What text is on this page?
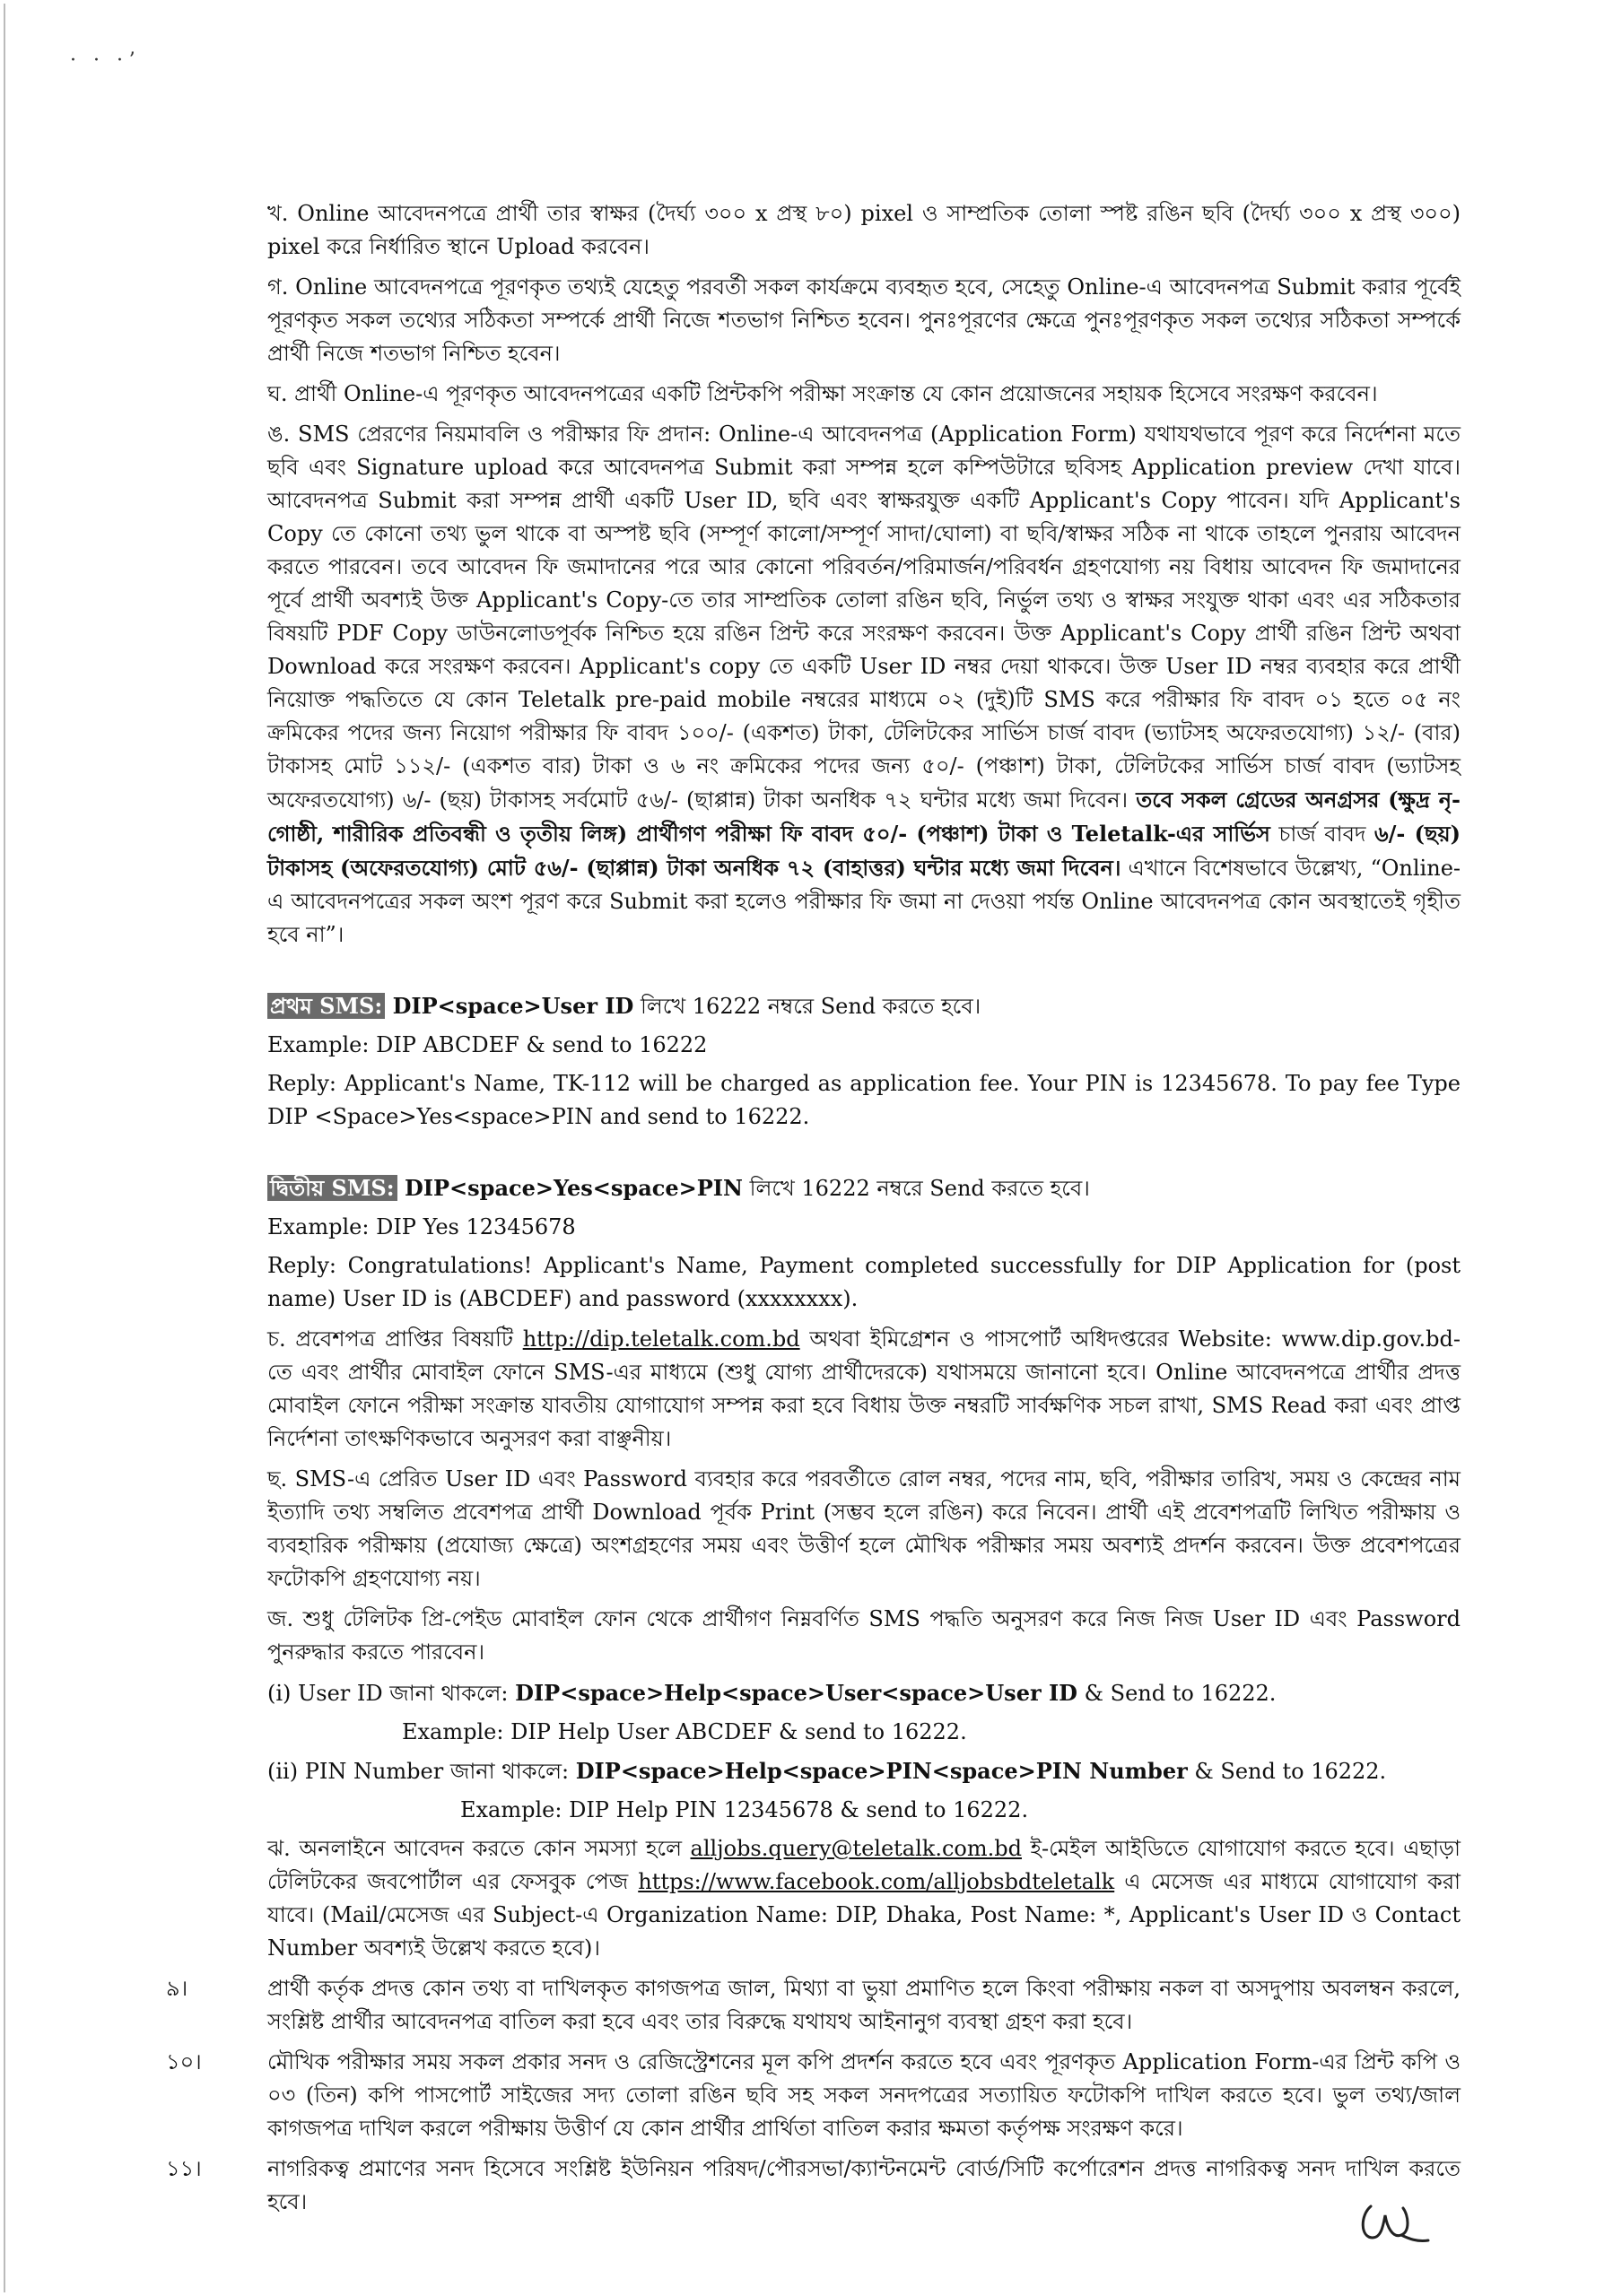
· · ·ʼ

খ. Online আবেদনপত্রে প্রার্থী তার স্বাক্ষর (দৈর্ঘ্য ৩০০ x প্রস্থ ৮০) pixel ও সাম্প্রতিক তোলা স্পষ্ট রঙিন ছবি (দৈর্ঘ্য ৩০০ x প্রস্থ ৩০০) pixel করে নির্ধারিত স্থানে Upload করবেন।

গ. Online আবেদনপত্রে পূরণকৃত তথ্যই যেহেতু পরবর্তী সকল কার্যক্রমে ব্যবহৃত হবে, সেহেতু Online-এ আবেদনপত্র Submit করার পূর্বেই পূরণকৃত সকল তথ্যের সঠিকতা সম্পর্কে প্রার্থী নিজে শতভাগ নিশ্চিত হবেন। পুনঃপূরণের ক্ষেত্রে পুনঃপূরণকৃত সকল তথ্যের সঠিকতা সম্পর্কে প্রার্থী নিজে শতভাগ নিশ্চিত হবেন।

ঘ. প্রার্থী Online-এ পূরণকৃত আবেদনপত্রের একটি প্রিন্টকপি পরীক্ষা সংক্রান্ত যে কোন প্রয়োজনের সহায়ক হিসেবে সংরক্ষণ করবেন।

ঙ. SMS প্রেরণের নিয়মাবলি ও পরীক্ষার ফি প্রদান: Online-এ আবেদনপত্র (Application Form) যথাযথভাবে পূরণ করে নির্দেশনা মতে ছবি এবং Signature upload করে আবেদনপত্র Submit করা সম্পন্ন হলে কম্পিউটারে ছবিসহ Application preview দেখা যাবে। আবেদনপত্র Submit করা সম্পন্ন প্রার্থী একটি User ID, ছবি এবং স্বাক্ষরযুক্ত একটি Applicant's Copy পাবেন। যদি Applicant's Copy তে কোনো তথ্য ভুল থাকে বা অস্পষ্ট ছবি (সম্পূর্ণ কালো/সম্পূর্ণ সাদা/ঘোলা) বা ছবি/স্বাক্ষর সঠিক না থাকে তাহলে পুনরায় আবেদন করতে পারবেন। তবে আবেদন ফি জমাদানের পরে আর কোনো পরিবর্তন/পরিমার্জন/পরিবর্ধন গ্রহণযোগ্য নয় বিধায় আবেদন ফি জমাদানের পূর্বে প্রার্থী অবশ্যই উক্ত Applicant's Copy-তে তার সাম্প্রতিক তোলা রঙিন ছবি, নির্ভুল তথ্য ও স্বাক্ষর সংযুক্ত থাকা এবং এর সঠিকতার বিষয়টি PDF Copy ডাউনলোডপূর্বক নিশ্চিত হয়ে রঙিন প্রিন্ট করে সংরক্ষণ করবেন। উক্ত Applicant's Copy প্রার্থী রঙিন প্রিন্ট অথবা Download করে সংরক্ষণ করবেন। Applicant's copy তে একটি User ID নম্বর দেয়া থাকবে। উক্ত User ID নম্বর ব্যবহার করে প্রার্থী নিয়োক্ত পদ্ধতিতে যে কোন Teletalk pre-paid mobile নম্বরের মাধ্যমে ০২ (দুই)টি SMS করে পরীক্ষার ফি বাবদ ০১ হতে ০৫ নং ক্রমিকের পদের জন্য নিয়োগ পরীক্ষার ফি বাবদ ১০০/- (একশত) টাকা, টেলিটকের সার্ভিস চার্জ বাবদ (ভ্যাটসহ অফেরতযোগ্য) ১২/- (বার) টাকাসহ মোট ১১২/- (একশত বার) টাকা ও ৬ নং ক্রমিকের পদের জন্য ৫০/- (পঞ্চাশ) টাকা, টেলিটকের সার্ভিস চার্জ বাবদ (ভ্যাটসহ অফেরতযোগ্য) ৬/- (ছয়) টাকাসহ সর্বমোট ৫৬/- (ছাপ্পান্ন) টাকা অনধিক ৭২ ঘন্টার মধ্যে জমা দিবেন। তবে সকল গ্রেডের অনগ্রসর (ক্ষুদ্র নৃ-গোষ্ঠী, শারীরিক প্রতিবন্ধী ও তৃতীয় লিঙ্গ) প্রার্থীগণ পরীক্ষা ফি বাবদ ৫০/- (পঞ্চাশ) টাকা ও Teletalk-এর সার্ভিস চার্জ বাবদ ৬/- (ছয়) টাকাসহ (অফেরতযোগ্য) মোট ৫৬/- (ছাপ্পান্ন) টাকা অনধিক ৭২ (বাহাত্তর) ঘন্টার মধ্যে জমা দিবেন। এখানে বিশেষভাবে উল্লেখ্য, “Online-এ আবেদনপত্রের সকল অংশ পূরণ করে Submit করা হলেও পরীক্ষার ফি জমা না দেওয়া পর্যন্ত Online আবেদনপত্র কোন অবস্থাতেই গৃহীত হবে না”।

প্রথম SMS: DIP<space>User ID লিখে 16222 নম্বরে Send করতে হবে।

Example: DIP ABCDEF & send to 16222

Reply: Applicant's Name, TK-112 will be charged as application fee. Your PIN is 12345678. To pay fee Type DIP <Space>Yes<space>PIN and send to 16222.

দ্বিতীয় SMS: DIP<space>Yes<space>PIN লিখে 16222 নম্বরে Send করতে হবে।

Example: DIP Yes 12345678

Reply: Congratulations! Applicant's Name, Payment completed successfully for DIP Application for (post name) User ID is (ABCDEF) and password (xxxxxxxx).

চ. প্রবেশপত্র প্রাপ্তির বিষয়টি http://dip.teletalk.com.bd অথবা ইমিগ্রেশন ও পাসপোর্ট অধিদপ্তরের Website: www.dip.gov.bd- তে এবং প্রার্থীর মোবাইল ফোনে SMS-এর মাধ্যমে (শুধু যোগ্য প্রার্থীদেরকে) যথাসময়ে জানানো হবে। Online আবেদনপত্রে প্রার্থীর প্রদত্ত মোবাইল ফোনে পরীক্ষা সংক্রান্ত যাবতীয় যোগাযোগ সম্পন্ন করা হবে বিধায় উক্ত নম্বরটি সার্বক্ষণিক সচল রাখা, SMS Read করা এবং প্রাপ্ত নির্দেশনা তাৎক্ষণিকভাবে অনুসরণ করা বাঞ্ছনীয়।

ছ. SMS-এ প্রেরিত User ID এবং Password ব্যবহার করে পরবর্তীতে রোল নম্বর, পদের নাম, ছবি, পরীক্ষার তারিখ, সময় ও কেন্দ্রের নাম ইত্যাদি তথ্য সম্বলিত প্রবেশপত্র প্রার্থী Download পূর্বক Print (সম্ভব হলে রঙিন) করে নিবেন। প্রার্থী এই প্রবেশপত্রটি লিখিত পরীক্ষায় ও ব্যবহারিক পরীক্ষায় (প্রযোজ্য ক্ষেত্রে) অংশগ্রহণের সময় এবং উত্তীর্ণ হলে মৌখিক পরীক্ষার সময় অবশ্যই প্রদর্শন করবেন। উক্ত প্রবেশপত্রের ফটোকপি গ্রহণযোগ্য নয়।

জ. শুধু টেলিটক প্রি-পেইড মোবাইল ফোন থেকে প্রার্থীগণ নিম্নবর্ণিত SMS পদ্ধতি অনুসরণ করে নিজ নিজ User ID এবং Password পুনরুদ্ধার করতে পারবেন।

(i) User ID জানা থাকলে: DIP<space>Help<space>User<space>User ID & Send to 16222.

Example: DIP Help User ABCDEF & send to 16222.

(ii) PIN Number জানা থাকলে: DIP<space>Help<space>PIN<space>PIN Number & Send to 16222.

Example: DIP Help PIN 12345678 & send to 16222.

ঝ. অনলাইনে আবেদন করতে কোন সমস্যা হলে alljobs.query@teletalk.com.bd ই-মেইল আইডিতে যোগাযোগ করতে হবে। এছাড়া টেলিটকের জবপোর্টাল এর ফেসবুক পেজ https://www.facebook.com/alljobsbdteletalk এ মেসেজ এর মাধ্যমে যোগাযোগ করা যাবে। (Mail/মেসেজ এর Subject-এ Organization Name: DIP, Dhaka, Post Name: *, Applicant's User ID ও Contact Number অবশ্যই উল্লেখ করতে হবে)।

৯।	প্রার্থী কর্তৃক প্রদত্ত কোন তথ্য বা দাখিলকৃত কাগজপত্র জাল, মিথ্যা বা ভুয়া প্রমাণিত হলে কিংবা পরীক্ষায় নকল বা অসদুপায় অবলম্বন করলে, সংশ্লিষ্ট প্রার্থীর আবেদনপত্র বাতিল করা হবে এবং তার বিরুদ্ধে যথাযথ আইনানুগ ব্যবস্থা গ্রহণ করা হবে।

১০।	মৌখিক পরীক্ষার সময় সকল প্রকার সনদ ও রেজিস্ট্রেশনের মূল কপি প্রদর্শন করতে হবে এবং পূরণকৃত Application Form-এর প্রিন্ট কপি ও ০৩ (তিন) কপি পাসপোর্ট সাইজের সদ্য তোলা রঙিন ছবি সহ সকল সনদপত্রের সত্যায়িত ফটোকপি দাখিল করতে হবে। ভুল তথ্য/জাল কাগজপত্র দাখিল করলে পরীক্ষায় উত্তীর্ণ যে কোন প্রার্থীর প্রার্থিতা বাতিল করার ক্ষমতা কর্তৃপক্ষ সংরক্ষণ করে।

১১।	নাগরিকত্ব প্রমাণের সনদ হিসেবে সংশ্লিষ্ট ইউনিয়ন পরিষদ/পৌরসভা/ক্যান্টনমেন্ট বোর্ড/সিটি কর্পোরেশন প্রদত্ত নাগরিকত্ব সনদ দাখিল করতে হবে।
